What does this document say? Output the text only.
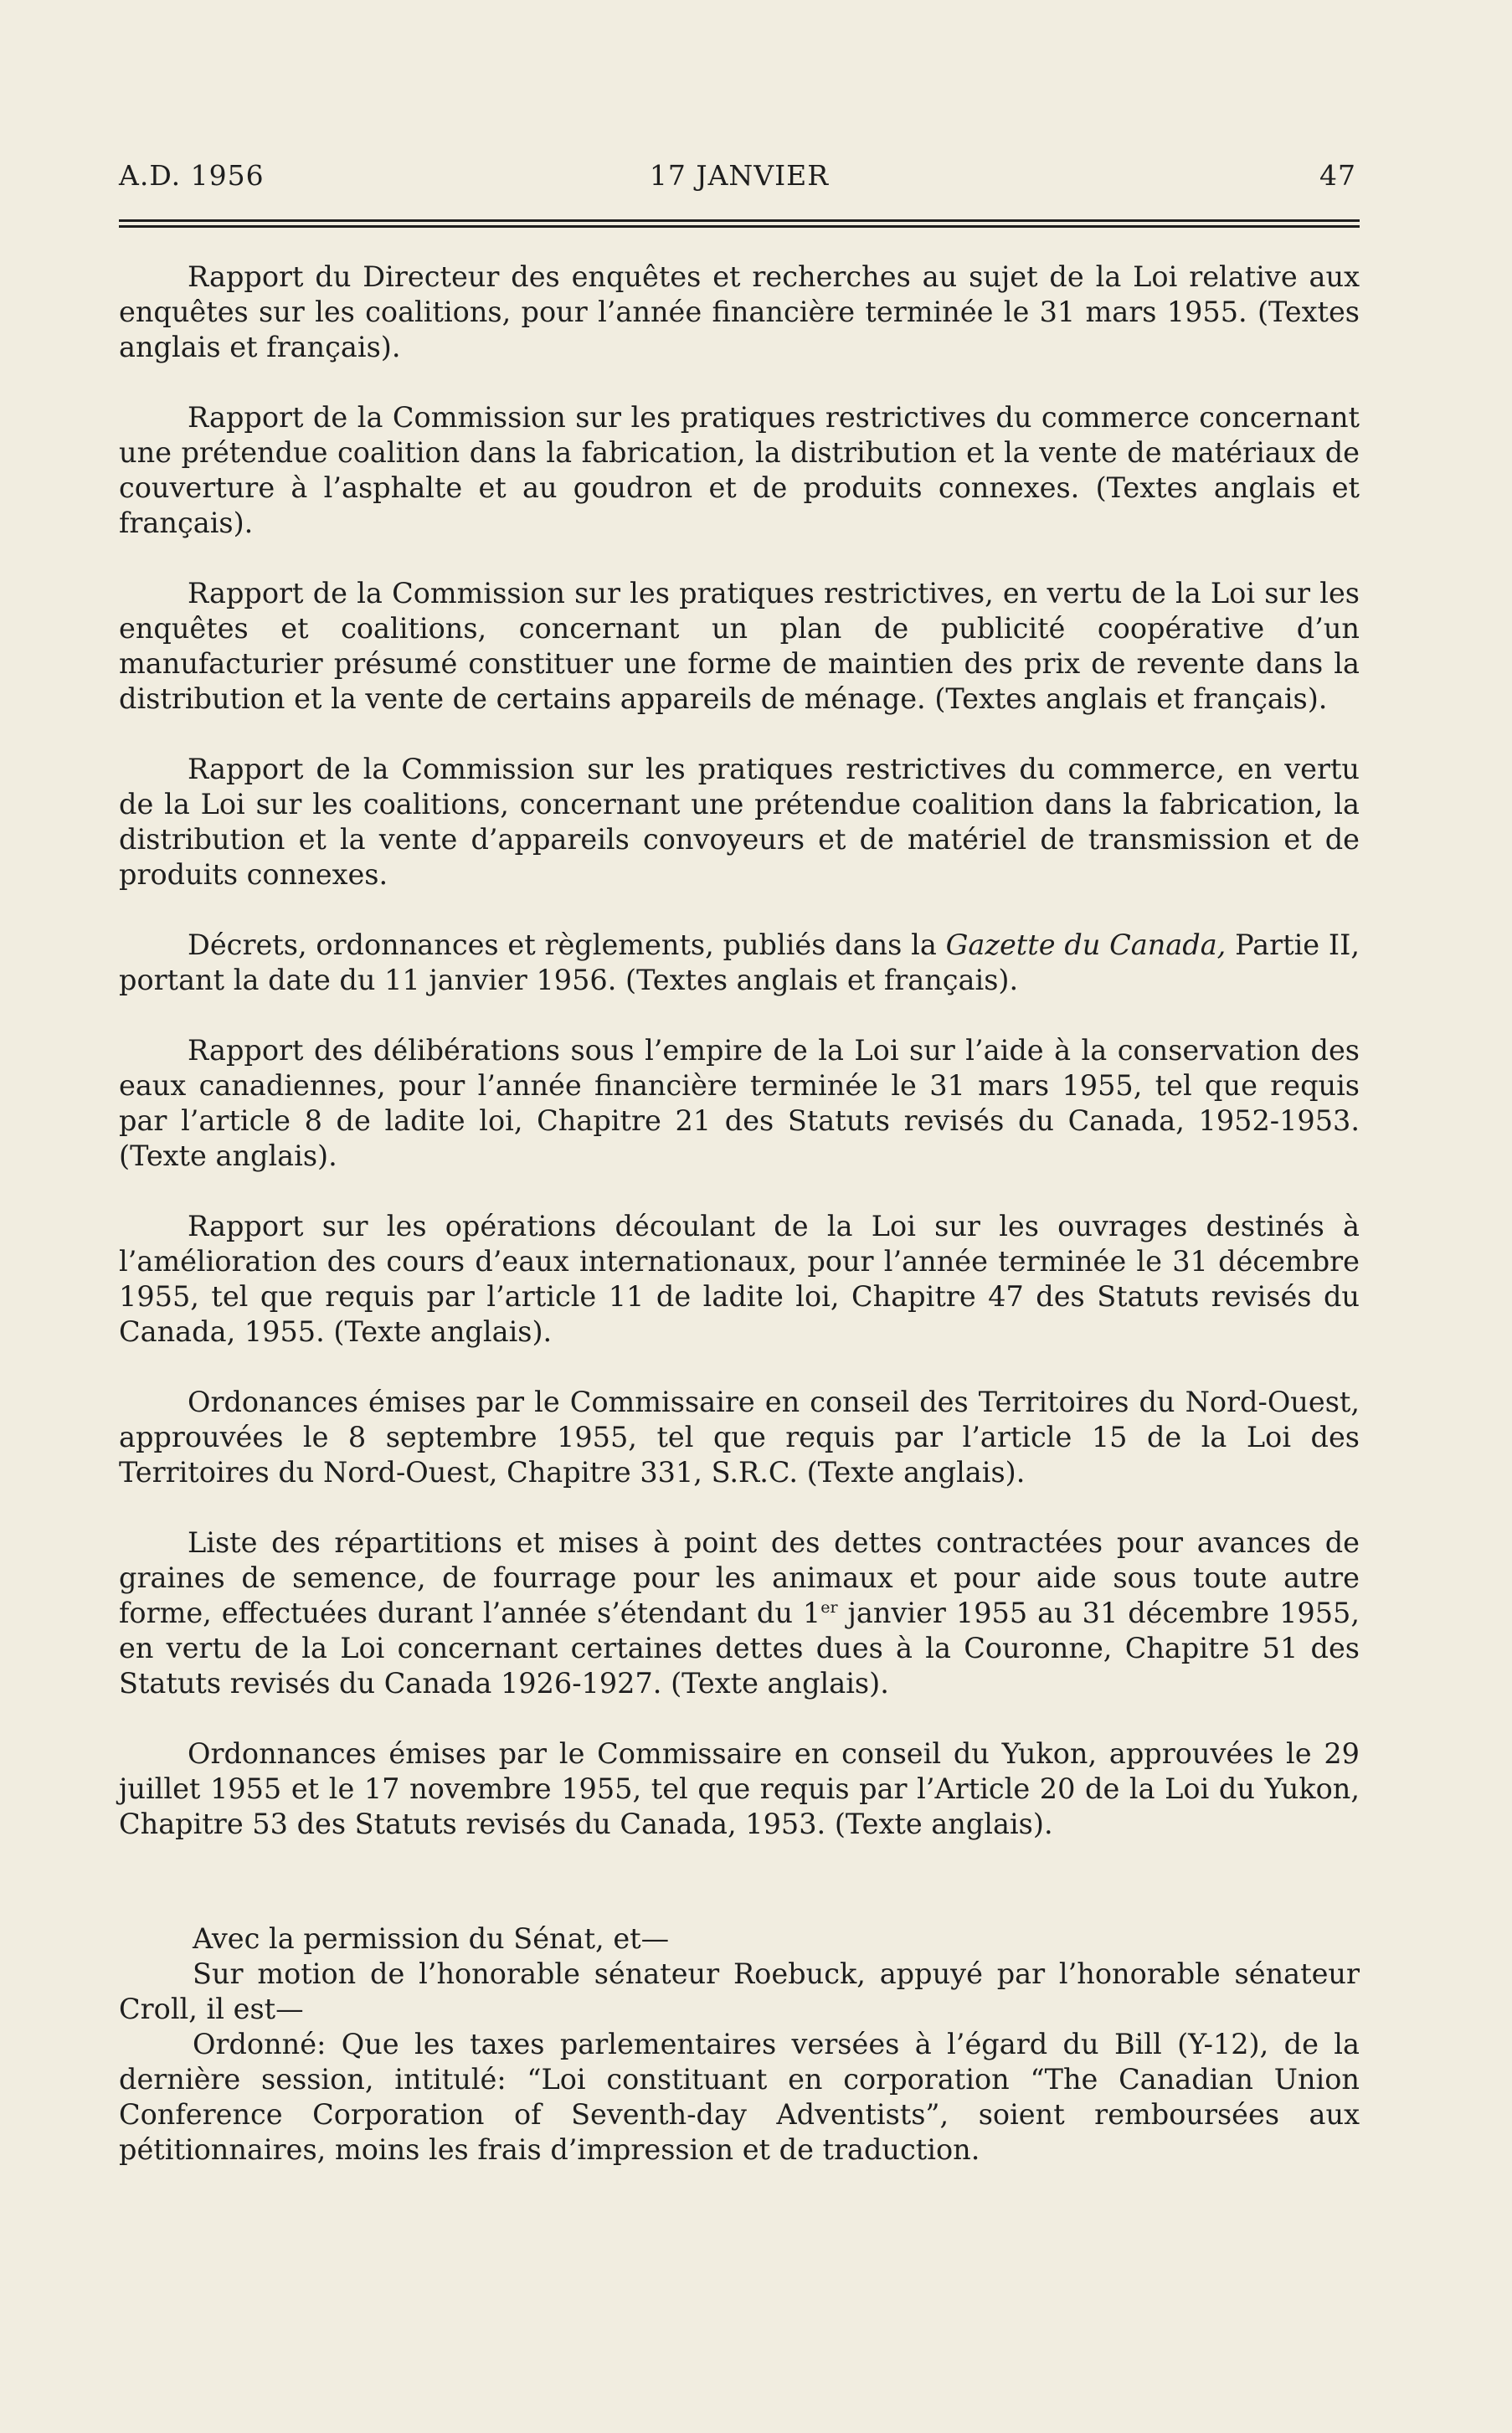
17 JANVIER
A.D. 1956	47

Rapport du Directeur des enquêtes et recherches au sujet de la Loi relative aux enquêtes sur les coalitions, pour l’année financière terminée le 31 mars 1955. (Textes anglais et français).

Rapport de la Commission sur les pratiques restrictives du commerce concernant une prétendue coalition dans la fabrication, la distribution et la vente de matériaux de couverture à l’asphalte et au goudron et de produits connexes. (Textes anglais et français).

Rapport de la Commission sur les pratiques restrictives, en vertu de la Loi sur les enquêtes et coalitions, concernant un plan de publicité coopérative d’un manufacturier présumé constituer une forme de maintien des prix de revente dans la distribution et la vente de certains appareils de ménage. (Textes anglais et français).

Rapport de la Commission sur les pratiques restrictives du commerce, en vertu de la Loi sur les coalitions, concernant une prétendue coalition dans la fabrication, la distribution et la vente d’appareils convoyeurs et de matériel de transmission et de produits connexes.

Décrets, ordonnances et règlements, publiés dans la Gazette du Canada, Partie II, portant la date du 11 janvier 1956. (Textes anglais et français).

Rapport des délibérations sous l’empire de la Loi sur l’aide à la conservation des eaux canadiennes, pour l’année financière terminée le 31 mars 1955, tel que requis par l’article 8 de ladite loi, Chapitre 21 des Statuts revisés du Canada, 1952-1953. (Texte anglais).

Rapport sur les opérations découlant de la Loi sur les ouvrages destinés à l’amélioration des cours d’eaux internationaux, pour l’année terminée le 31 décembre 1955, tel que requis par l’article 11 de ladite loi, Chapitre 47 des Statuts revisés du Canada, 1955. (Texte anglais).

Ordonances émises par le Commissaire en conseil des Territoires du Nord-Ouest, approuvées le 8 septembre 1955, tel que requis par l’article 15 de la Loi des Territoires du Nord-Ouest, Chapitre 331, S.R.C. (Texte anglais).

Liste des répartitions et mises à point des dettes contractées pour avances de graines de semence, de fourrage pour les animaux et pour aide sous toute autre forme, effectuées durant l’année s’étendant du 1er janvier 1955 au 31 décembre 1955, en vertu de la Loi concernant certaines dettes dues à la Couronne, Chapitre 51 des Statuts revisés du Canada 1926-1927. (Texte anglais).

Ordonnances émises par le Commissaire en conseil du Yukon, approuvées le 29 juillet 1955 et le 17 novembre 1955, tel que requis par l’Article 20 de la Loi du Yukon, Chapitre 53 des Statuts revisés du Canada, 1953. (Texte anglais).

Avec la permission du Sénat, et—

Sur motion de l’honorable sénateur Roebuck, appuyé par l’honorable sénateur Croll, il est—

Ordonné: Que les taxes parlementaires versées à l’égard du Bill (Y-12), de la dernière session, intitulé: “Loi constituant en corporation “The Canadian Union Conference Corporation of Seventh-day Adventists”, soient remboursées aux pétitionnaires, moins les frais d’impression et de traduction.
